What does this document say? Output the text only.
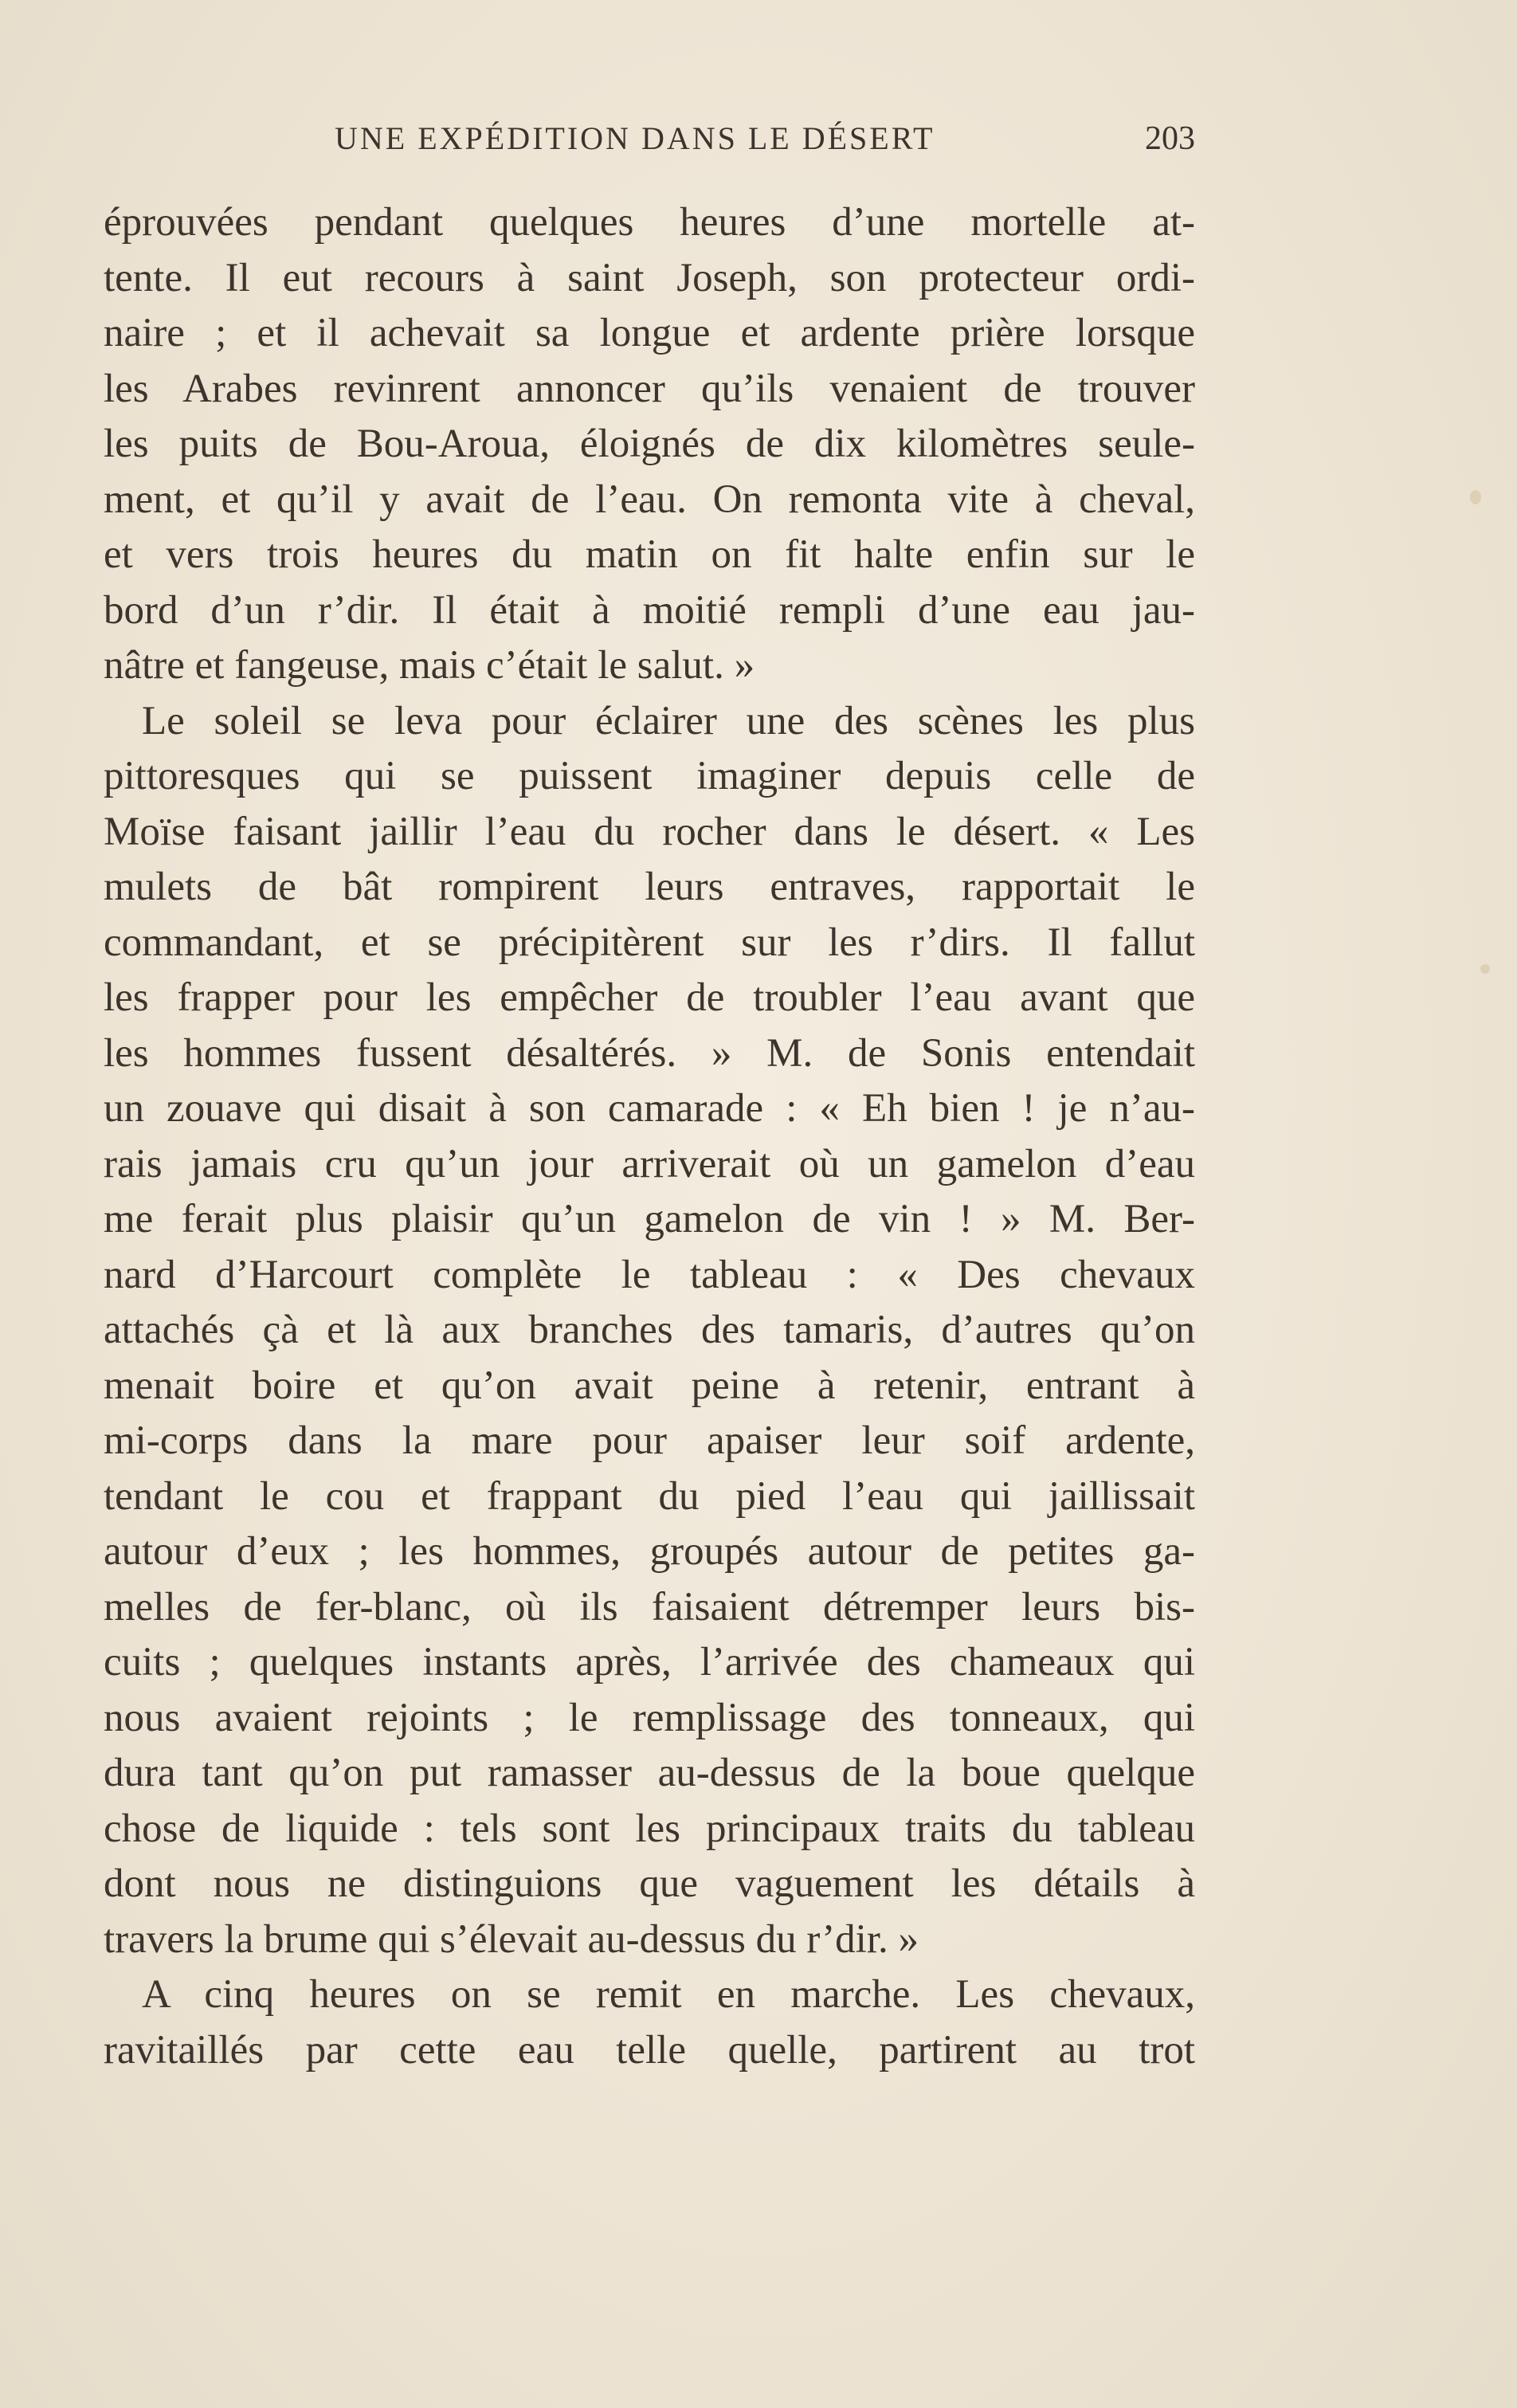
UNE EXPÉDITION DANS LE DÉSERT	203
éprouvées pendant quelques heures d’une mortelle at-
tente. Il eut recours à saint Joseph, son protecteur ordi-
naire ; et il achevait sa longue et ardente prière lorsque
les Arabes revinrent annoncer qu’ils venaient de trouver
les puits de Bou-Aroua, éloignés de dix kilomètres seule-
ment, et qu’il y avait de l’eau. On remonta vite à cheval,
et vers trois heures du matin on fit halte enfin sur le
bord d’un r’dir. Il était à moitié rempli d’une eau jau-
nâtre et fangeuse, mais c’était le salut. »
Le soleil se leva pour éclairer une des scènes les plus
pittoresques qui se puissent imaginer depuis celle de
Moïse faisant jaillir l’eau du rocher dans le désert. « Les
mulets de bât rompirent leurs entraves, rapportait le
commandant, et se précipitèrent sur les r’dirs. Il fallut
les frapper pour les empêcher de troubler l’eau avant que
les hommes fussent désaltérés. » M. de Sonis entendait
un zouave qui disait à son camarade : « Eh bien ! je n’au-
rais jamais cru qu’un jour arriverait où un gamelon d’eau
me ferait plus plaisir qu’un gamelon de vin ! » M. Ber-
nard d’Harcourt complète le tableau : « Des chevaux
attachés çà et là aux branches des tamaris, d’autres qu’on
menait boire et qu’on avait peine à retenir, entrant à
mi-corps dans la mare pour apaiser leur soif ardente,
tendant le cou et frappant du pied l’eau qui jaillissait
autour d’eux ; les hommes, groupés autour de petites ga-
melles de fer-blanc, où ils faisaient détremper leurs bis-
cuits ; quelques instants après, l’arrivée des chameaux qui
nous avaient rejoints ; le remplissage des tonneaux, qui
dura tant qu’on put ramasser au-dessus de la boue quelque
chose de liquide : tels sont les principaux traits du tableau
dont nous ne distinguions que vaguement les détails à
travers la brume qui s’élevait au-dessus du r’dir. »
A cinq heures on se remit en marche. Les chevaux,
ravitaillés par cette eau telle quelle, partirent au trot
